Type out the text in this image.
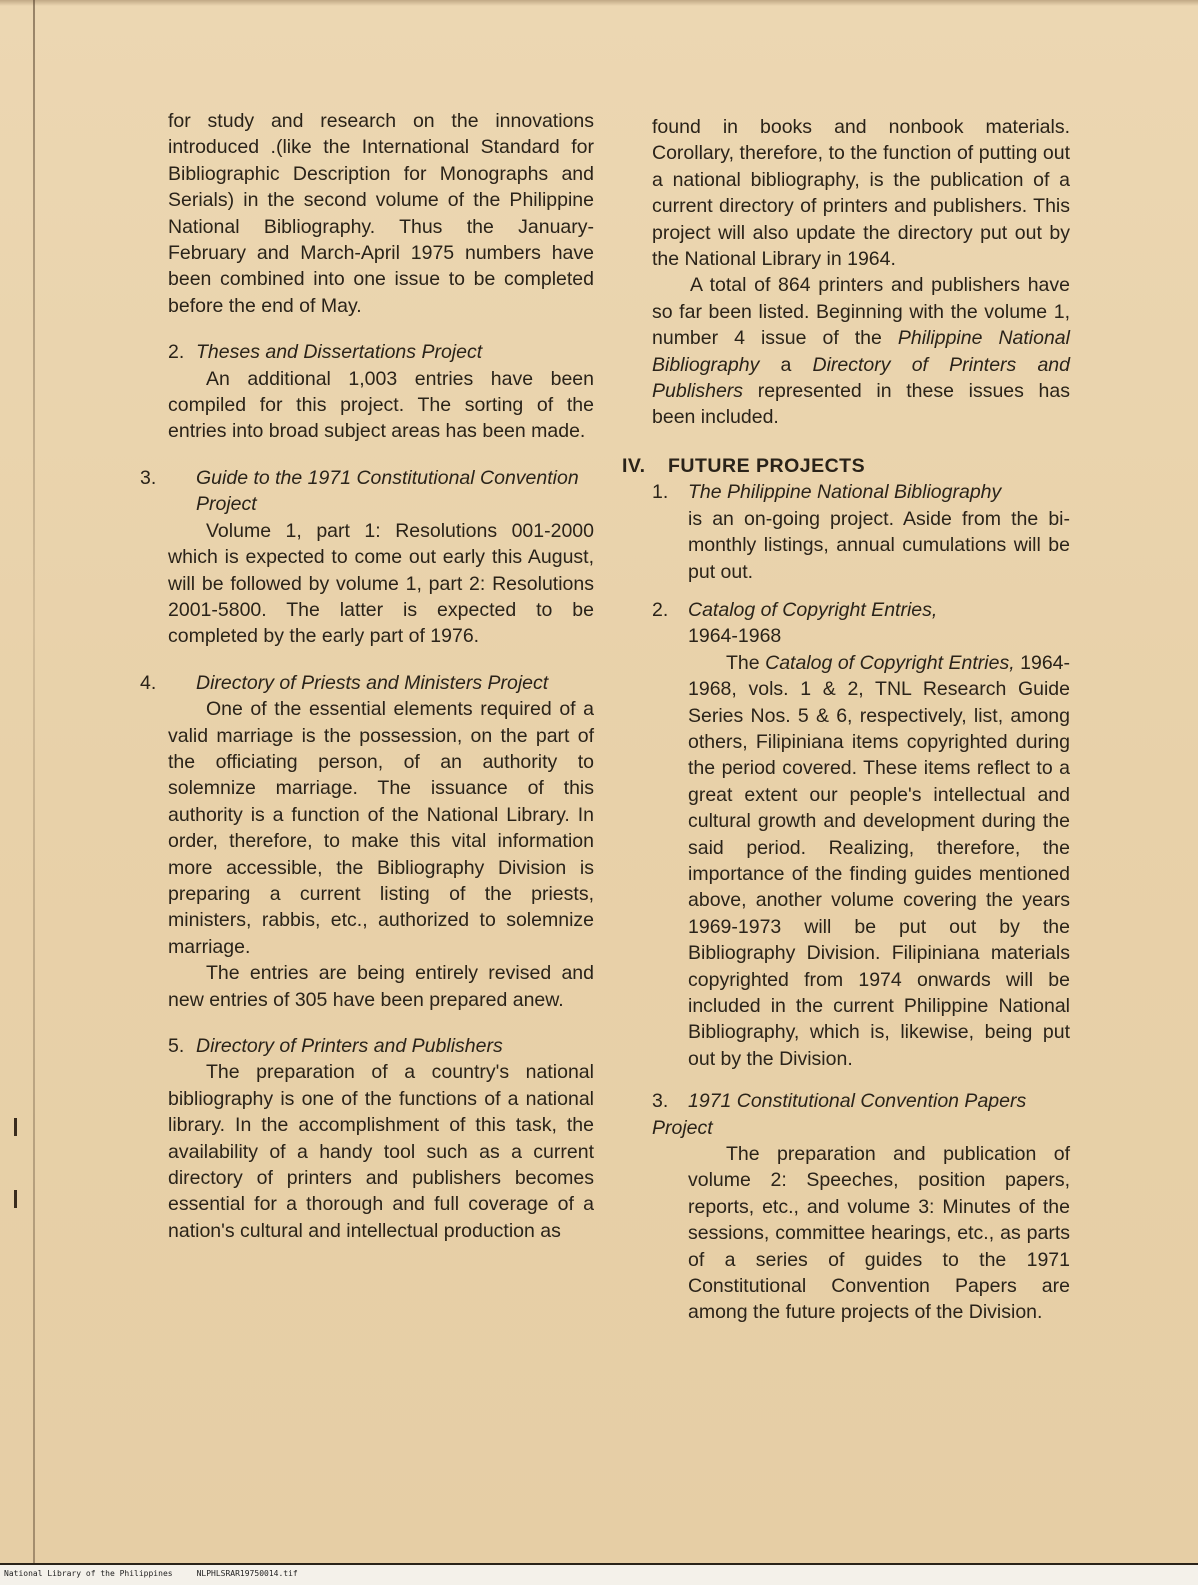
for study and research on the innovations introduced .(like the International Standard for Bibliographic Description for Monographs and Serials) in the second volume of the Philippine National Bibliography. Thus the January-February and March-April 1975 numbers have been combined into one issue to be completed before the end of May.

2. Theses and Dissertations Project

An additional 1,003 entries have been compiled for this project. The sorting of the entries into broad subject areas has been made.

3. Guide to the 1971 Constitutional Convention Project

Volume 1, part 1: Resolutions 001-2000 which is expected to come out early this August, will be followed by volume 1, part 2: Resolutions 2001-5800. The latter is expected to be completed by the early part of 1976.

4. Directory of Priests and Ministers Project

One of the essential elements required of a valid marriage is the possession, on the part of the officiating person, of an authority to solemnize marriage. The issuance of this authority is a function of the National Library. In order, therefore, to make this vital information more accessible, the Bibliography Division is preparing a current listing of the priests, ministers, rabbis, etc., authorized to solemnize marriage.

The entries are being entirely revised and new entries of 305 have been prepared anew.

5. Directory of Printers and Publishers

The preparation of a country's national bibliography is one of the functions of a national library. In the accomplishment of this task, the availability of a handy tool such as a current directory of printers and publishers becomes essential for a thorough and full coverage of a nation's cultural and intellectual production as

found in books and nonbook materials. Corollary, therefore, to the function of putting out a national bibliography, is the publication of a current directory of printers and publishers. This project will also update the directory put out by the National Library in 1964.

A total of 864 printers and publishers have so far been listed. Beginning with the volume 1, number 4 issue of the Philippine National Bibliography a Directory of Printers and Publishers represented in these issues has been included.

IV. FUTURE PROJECTS
1. The Philippine National Bibliography

is an on-going project. Aside from the bi-monthly listings, annual cumulations will be put out.

2. Catalog of Copyright Entries,
1964-1968

The Catalog of Copyright Entries, 1964-1968, vols. 1 & 2, TNL Research Guide Series Nos. 5 & 6, respectively, list, among others, Filipiniana items copyrighted during the period covered. These items reflect to a great extent our people's intellectual and cultural growth and development during the said period. Realizing, therefore, the importance of the finding guides mentioned above, another volume covering the years 1969-1973 will be put out by the Bibliography Division. Filipiniana materials copyrighted from 1974 onwards will be included in the current Philippine National Bibliography, which is, likewise, being put out by the Division.

3. 1971 Constitutional Convention Papers Project

The preparation and publication of volume 2: Speeches, position papers, reports, etc., and volume 3: Minutes of the sessions, committee hearings, etc., as parts of a series of guides to the 1971 Constitutional Convention Papers are among the future projects of the Division.

National Library of the Philippines	NLPHLSRAR19750014.tif
